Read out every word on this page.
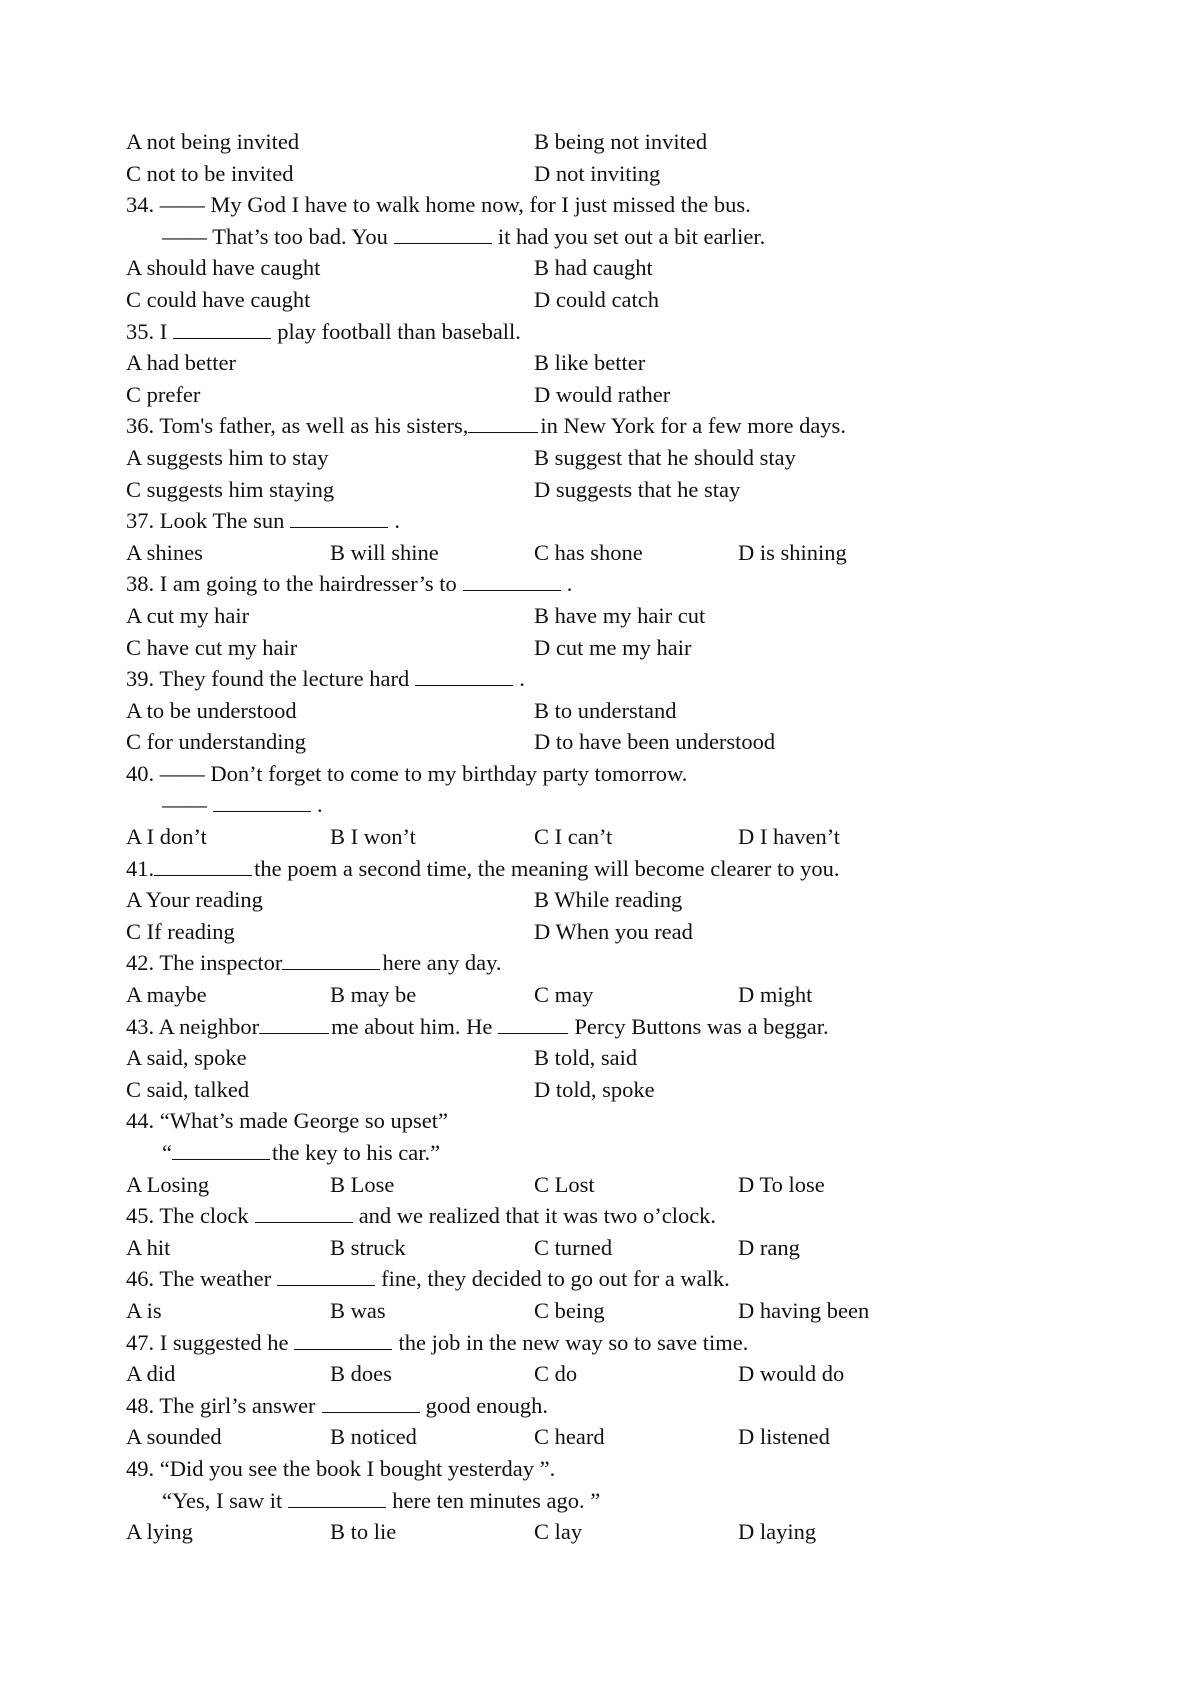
A not being invited	B being not invited
C not to be invited	D not inviting
34. —— My God I have to walk home now, for I just missed the bus.
—— That’s too bad. You	it had you set out a bit earlier.
A should have caught	B had caught
C could have caught	D could catch
35. I	play football than baseball.
A had better	B like better
C prefer	D would rather
36. Tom's father, as well as his sisters,	in New York for a few more days.
A suggests him to stay	B suggest that he should stay
C suggests him staying	D suggests that he stay
37. Look The sun	.
A shines	B will shine	C has shone	D is shining
38. I am going to the hairdresser’s to	.
A cut my hair	B have my hair cut
C have cut my hair	D cut me my hair
39. They found the lecture hard	.
A to be understood	B to understand
C for understanding	D to have been understood
40. —— Don’t forget to come to my birthday party tomorrow.
——	.
A I don’t	B I won’t	C I can’t	D I haven’t
41.	the poem a second time, the meaning will become clearer to you.
A Your reading	B While reading
C If reading	D When you read
42. The inspector	here any day.
A maybe	B may be	C may	D might
43. A neighbor	me about him. He	Percy Buttons was a beggar.
A said, spoke	B told, said
C said, talked	D told, spoke
44. “What’s made George so upset”
“	the key to his car.”
A Losing	B Lose	C Lost	D To lose
45. The clock	and we realized that it was two o’clock.
A hit	B struck	C turned	D rang
46. The weather	fine, they decided to go out for a walk.
A is	B was	C being	D having been
47. I suggested he	the job in the new way so to save time.
A did	B does	C do	D would do
48. The girl’s answer	good enough.
A sounded	B noticed	C heard	D listened
49. “Did you see the book I bought yesterday ”.
“Yes, I saw it	here ten minutes ago. ”
A lying	B to lie	C lay	D laying
